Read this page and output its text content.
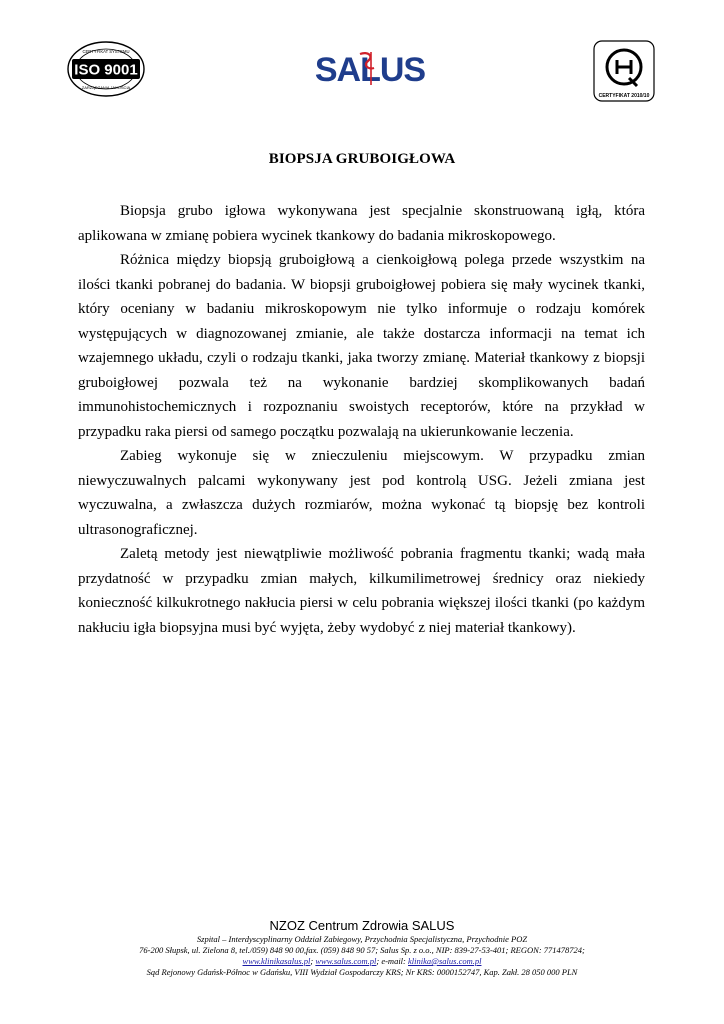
ISO 9001
CERTYFIKAT SYSTEMU
ZARZĄDZANIA JAKOŚCIĄ	SALUS
CERTYFIKAT 2010/10
BIOPSJA GRUBOIGŁOWA

Biopsja grubo igłowa wykonywana jest specjalnie skonstruowaną igłą, która aplikowana w zmianę pobiera wycinek tkankowy do badania mikroskopowego.

Różnica między biopsją gruboigłową a cienkoigłową polega przede wszystkim na ilości tkanki pobranej do badania. W biopsji gruboigłowej pobiera się mały wycinek tkanki, który oceniany w badaniu mikroskopowym nie tylko informuje o rodzaju komórek występujących w diagnozowanej zmianie, ale także dostarcza informacji na temat ich wzajemnego układu, czyli o rodzaju tkanki, jaka tworzy zmianę. Materiał tkankowy z biopsji gruboigłowej pozwala też na wykonanie bardziej skomplikowanych badań immunohistochemicznych i rozpoznaniu swoistych receptorów, które na przykład w przypadku raka piersi od samego początku pozwalają na ukierunkowanie leczenia.

Zabieg wykonuje się w znieczuleniu miejscowym. W przypadku zmian niewyczuwalnych palcami wykonywany jest pod kontrolą USG. Jeżeli zmiana jest wyczuwalna, a zwłaszcza dużych rozmiarów, można wykonać tą biopsję bez kontroli ultrasonograficznej.

Zaletą metody jest niewątpliwie możliwość pobrania fragmentu tkanki; wadą mała przydatność w przypadku zmian małych, kilkumilimetrowej średnicy oraz niekiedy konieczność kilkukrotnego nakłucia piersi w celu pobrania większej ilości tkanki (po każdym nakłuciu igła biopsyjna musi być wyjęta, żeby wydobyć z niej materiał tkankowy).

NZOZ Centrum Zdrowia SALUS
Szpital – Interdyscyplinarny Oddział Zabiegowy, Przychodnia Specjalistyczna, Przychodnie POZ
76-200 Słupsk, ul. Zielona 8, tel./059) 848 90 00,fax. (059) 848 90 57; Salus Sp. z o.o., NIP: 839-27-53-401; REGON: 771478724;
www.klinikasalus.pl; www.salus.com.pl; e-mail: klinika@salus.com.pl
Sąd Rejonowy Gdańsk-Północ w Gdańsku, VIII Wydział Gospodarczy KRS; Nr KRS: 0000152747, Kap. Zakł. 28 050 000 PLN
